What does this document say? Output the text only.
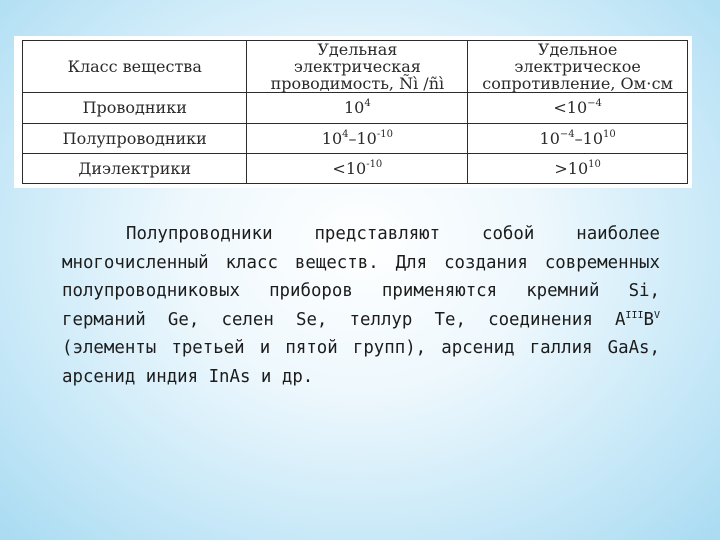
Класс вещества	Удельная электрическая проводимость, Ñì /ñì	Удельное электрическое сопротивление, Ом⋅см
Проводники	$10^4$	$<10^{-4}$
Полупроводники	$10^4-10^{-10}$	$10^{-4}-10^{10}$
Диэлектрики	$<10^{-10}$	$>10^{10}$

Полупроводники представляют собой наиболее многочисленный класс веществ. Для создания современных полупроводниковых приборов применяются кремний Si, германий Ge, селен Se, теллур Te, соединения $A^{III}B^V$ (элементы третьей и пятой групп), арсенид галлия GaAs, арсенид индия InAs и др.
